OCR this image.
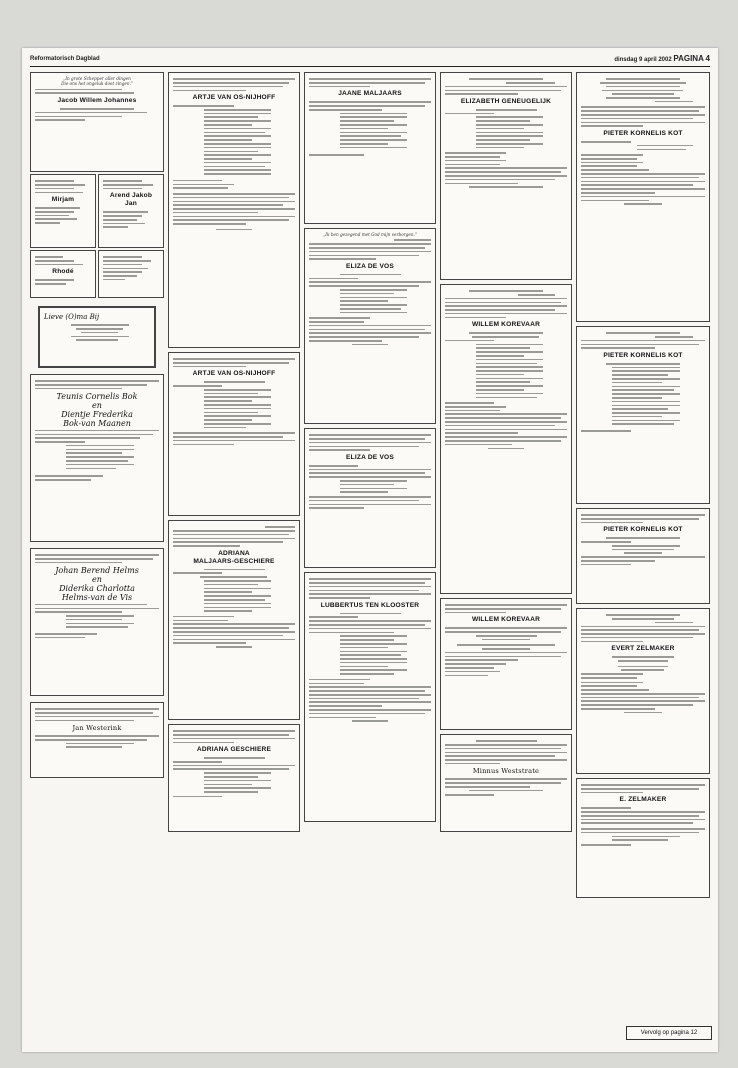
Reformatorisch Dagblad	dinsdag 9 april 2002 PAGINA 4
„In grote Schepper aller dingen
Die ons het ongeluk doet zingen."
Jacob Willem Johannes
Mirjam
Arend Jakob
Jan
Rhodé
Lieve (O)ma Bij
Teunis Cornelis Bok
en
Dientje Frederika
Bok-van Maanen
Johan Berend Helms
en
Diderika Charlotta
Helms-van de Vis
Jan Westerink
ARTJE VAN OS-NIJHOFF
ARTJE VAN OS-NIJHOFF
ADRIANA
MALJAARS-GESCHIERE
ADRIANA GESCHIERE
JAANE MALJAARS
„Ik ben gezegend met God mijn verborgen."
ELIZA DE VOS
ELIZA DE VOS
LUBBERTUS TEN KLOOSTER
ELIZABETH GENEUGELIJK
WILLEM KOREVAAR
WILLEM KOREVAAR
Minnus Weststrate
PIETER KORNELIS KOT
PIETER KORNELIS KOT
PIETER KORNELIS KOT
EVERT ZELMAKER
E. ZELMAKER
Vervolg op pagina 12
